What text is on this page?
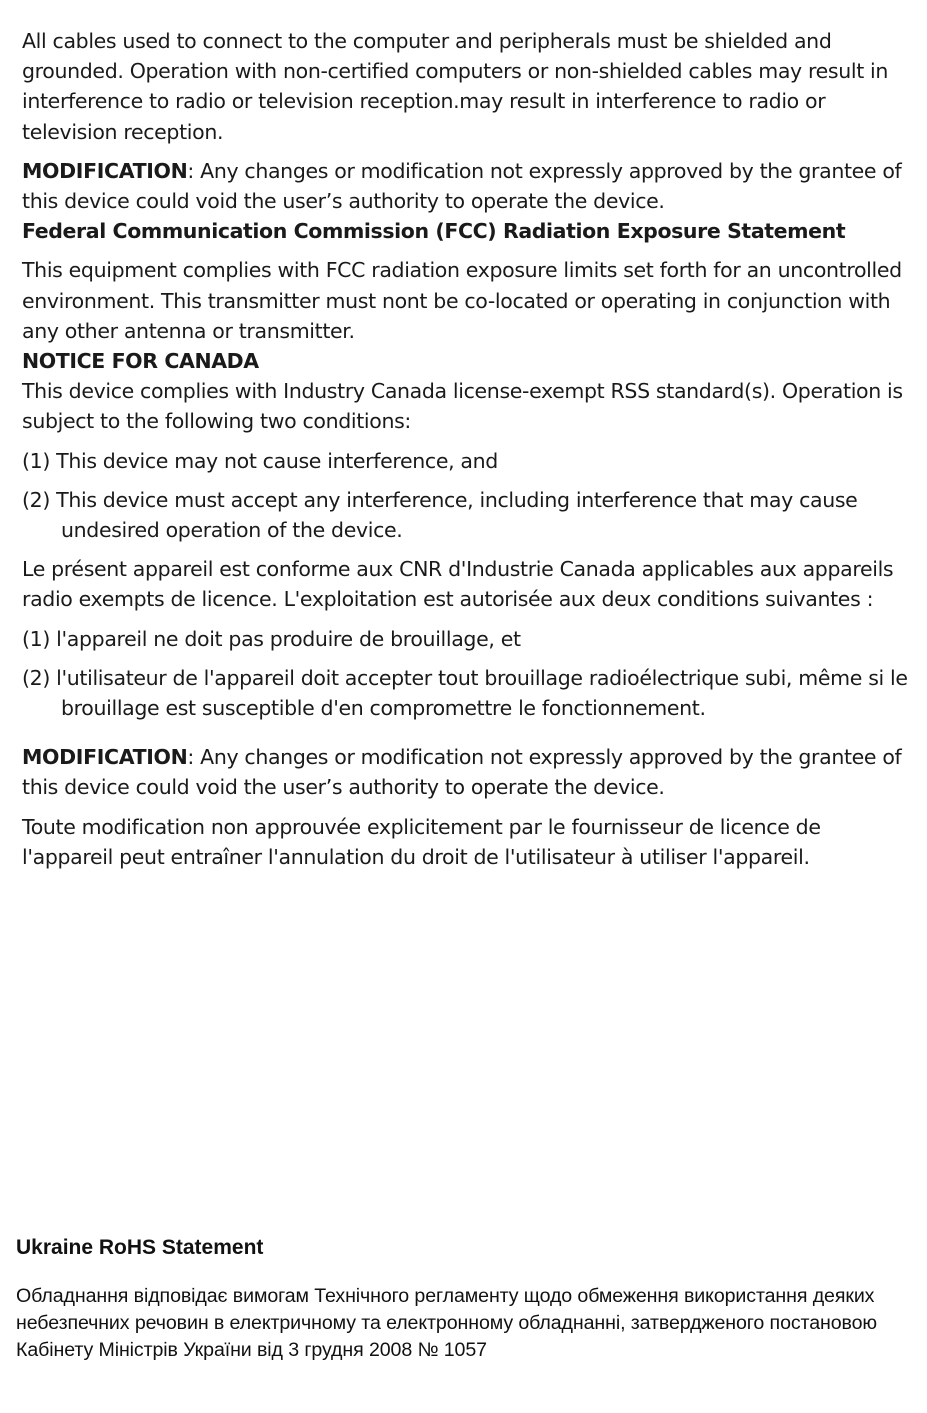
All cables used to connect to the computer and peripherals must be shielded and grounded. Operation with non-certified computers or non-shielded cables may result in interference to radio or television reception.may result in interference to radio or television reception.

MODIFICATION: Any changes or modification not expressly approved by the grantee of this device could void the user’s authority to operate the device.

Federal Communication Commission (FCC) Radiation Exposure Statement

This equipment complies with FCC radiation exposure limits set forth for an uncontrolled environment. This transmitter must nont be co-located or operating in conjunction with any other antenna or transmitter.

NOTICE FOR CANADA

This device complies with Industry Canada license-exempt RSS standard(s). Operation is subject to the following two conditions:

(1) This device may not cause interference, and

(2) This device must accept any interference, including interference that may cause undesired operation of the device.

Le présent appareil est conforme aux CNR d'Industrie Canada applicables aux appareils radio exempts de licence. L'exploitation est autorisée aux deux conditions suivantes :

(1) l'appareil ne doit pas produire de brouillage, et

(2) l'utilisateur de l'appareil doit accepter tout brouillage radioélectrique subi, même si le brouillage est susceptible d'en compromettre le fonctionnement.

MODIFICATION: Any changes or modification not expressly approved by the grantee of this device could void the user’s authority to operate the device.

Toute modification non approuvée explicitement par le fournisseur de licence de l'appareil peut entraîner l'annulation du droit de l'utilisateur à utiliser l'appareil.

Ukraine RoHS Statement

Обладнання відповідає вимогам Технічного регламенту щодо обмеження використання деяких небезпечних речовин в електричному та електронному обладнанні, затвердженого постановою Кабінету Міністрів України від 3 грудня 2008 № 1057
